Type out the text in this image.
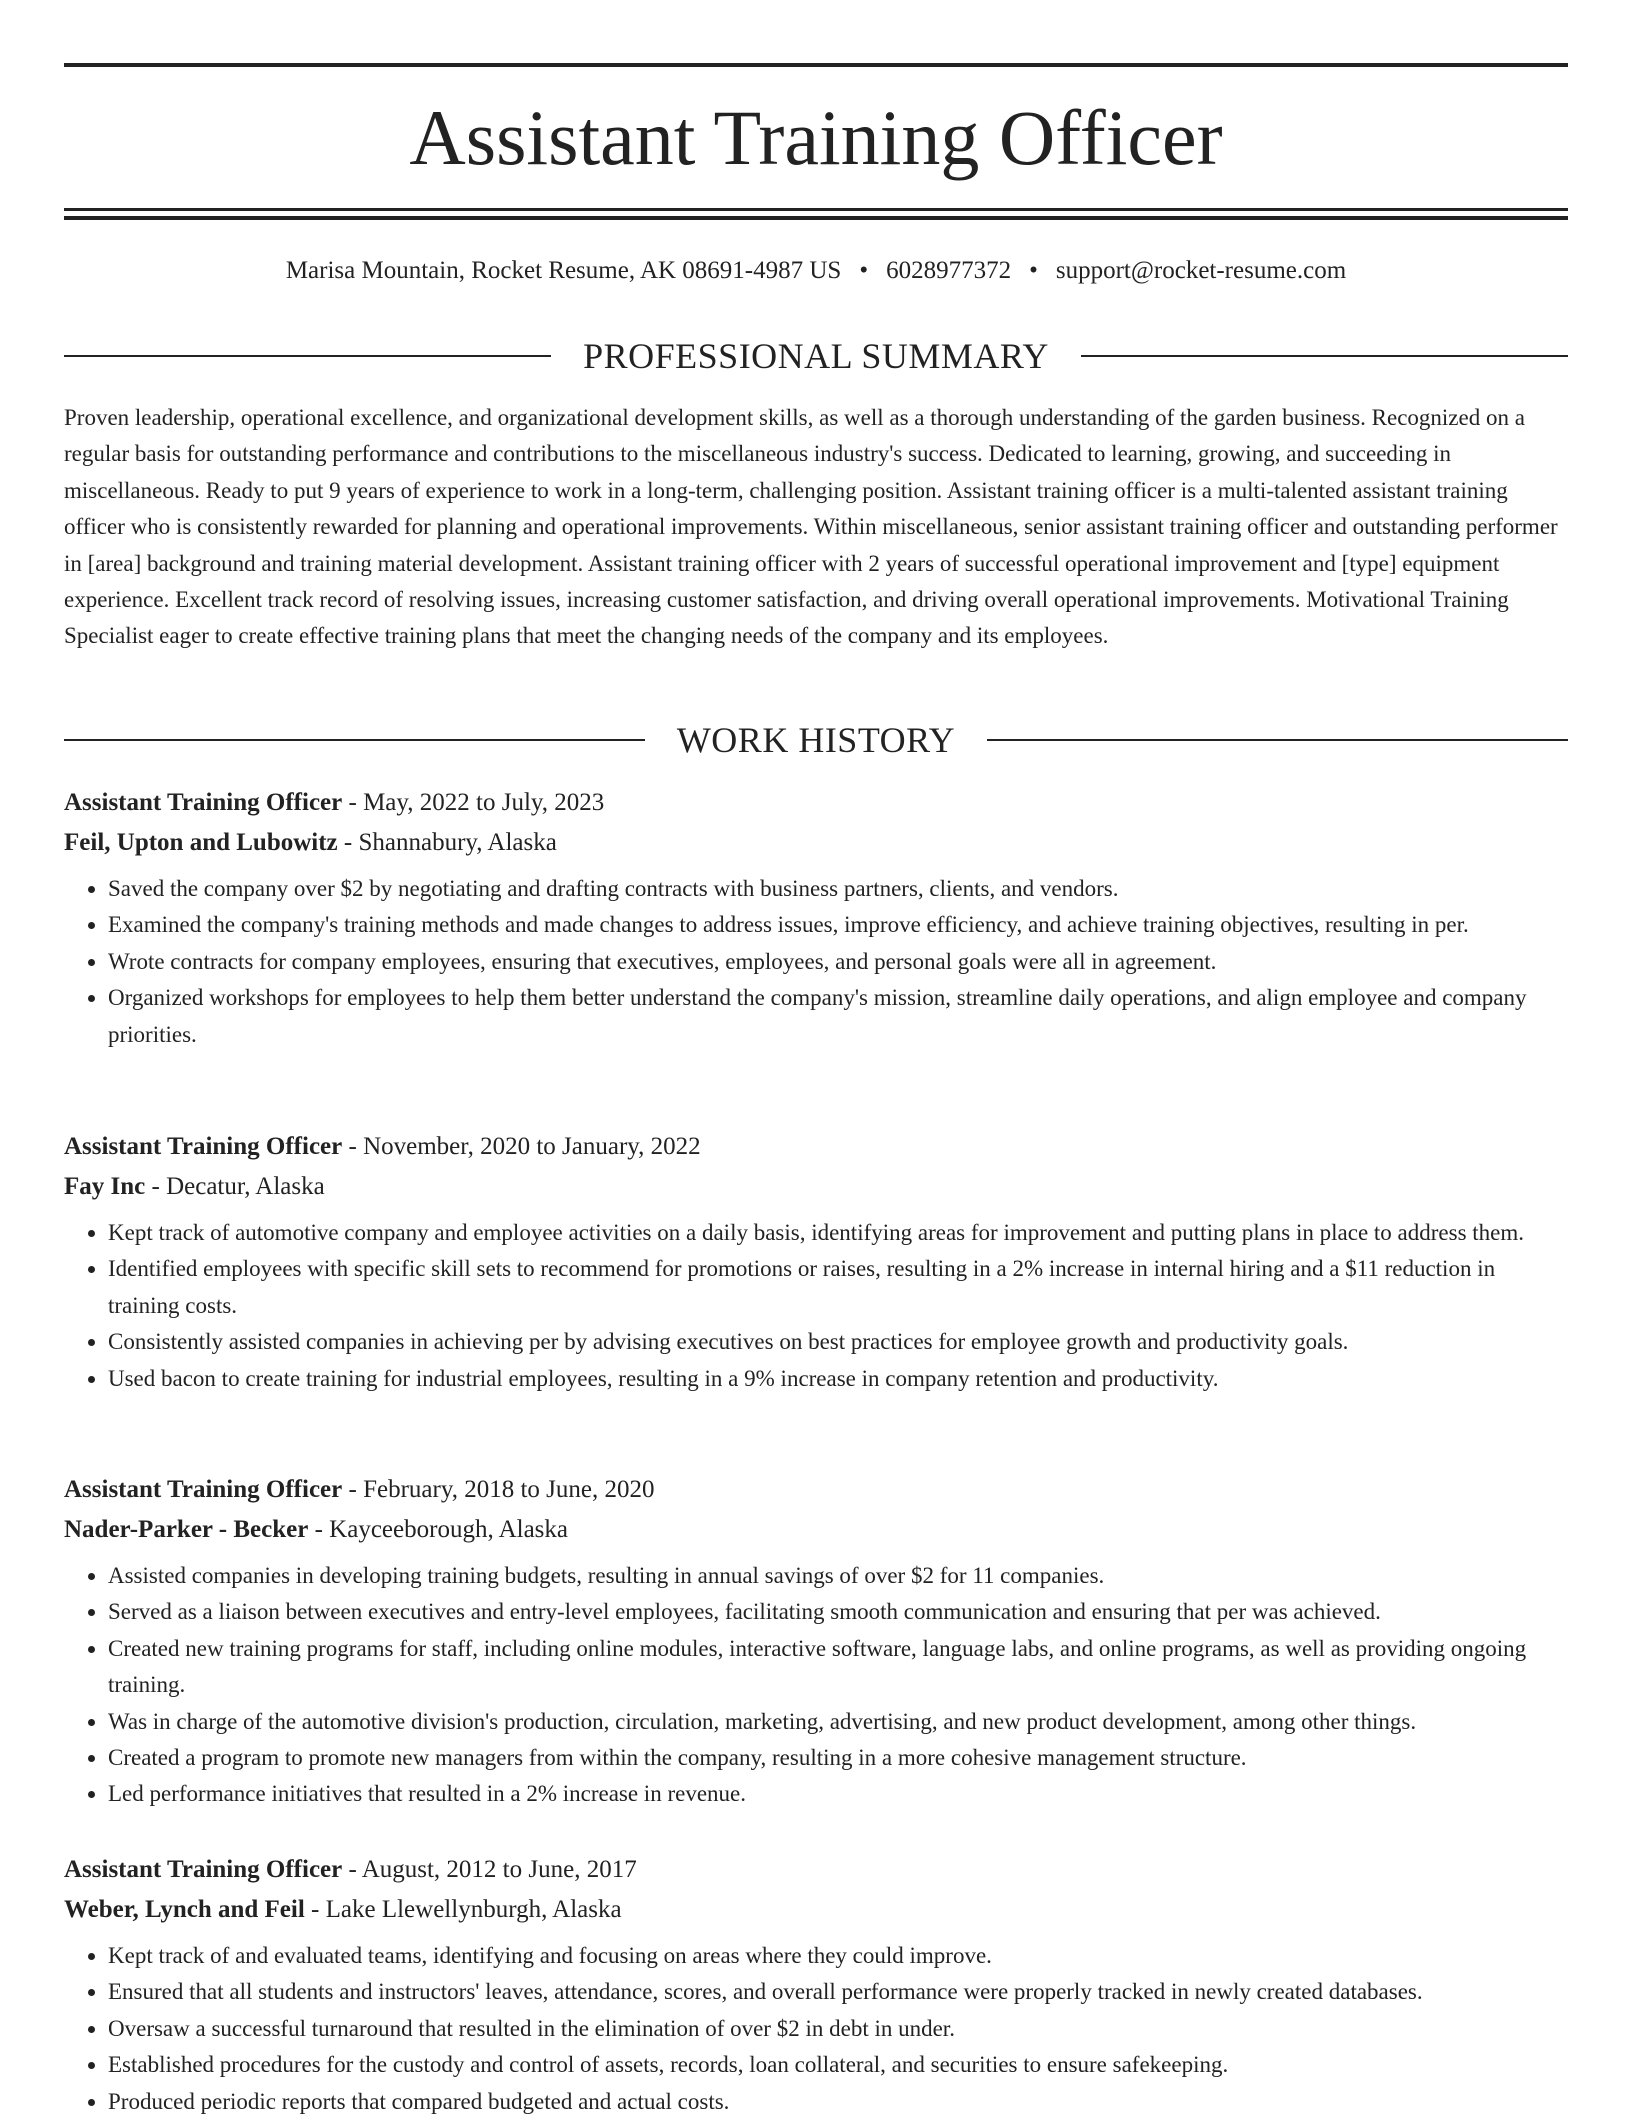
Assistant Training Officer
Marisa Mountain, Rocket Resume, AK 08691-4987 US • 6028977372 • support@rocket-resume.com
PROFESSIONAL SUMMARY

Proven leadership, operational excellence, and organizational development skills, as well as a thorough understanding of the garden business. Recognized on a regular basis for outstanding performance and contributions to the miscellaneous industry's success. Dedicated to learning, growing, and succeeding in miscellaneous. Ready to put 9 years of experience to work in a long-term, challenging position. Assistant training officer is a multi-talented assistant training officer who is consistently rewarded for planning and operational improvements. Within miscellaneous, senior assistant training officer and outstanding performer in [area] background and training material development. Assistant training officer with 2 years of successful operational improvement and [type] equipment experience. Excellent track record of resolving issues, increasing customer satisfaction, and driving overall operational improvements. Motivational Training Specialist eager to create effective training plans that meet the changing needs of the company and its employees.

WORK HISTORY
Assistant Training Officer - May, 2022 to July, 2023
Feil, Upton and Lubowitz - Shannabury, Alaska
• Saved the company over $2 by negotiating and drafting contracts with business partners, clients, and vendors.
• Examined the company's training methods and made changes to address issues, improve efficiency, and achieve training objectives, resulting in per.
• Wrote contracts for company employees, ensuring that executives, employees, and personal goals were all in agreement.
• Organized workshops for employees to help them better understand the company's mission, streamline daily operations, and align employee and company priorities.
Assistant Training Officer - November, 2020 to January, 2022
Fay Inc - Decatur, Alaska
• Kept track of automotive company and employee activities on a daily basis, identifying areas for improvement and putting plans in place to address them.
• Identified employees with specific skill sets to recommend for promotions or raises, resulting in a 2% increase in internal hiring and a $11 reduction in training costs.
• Consistently assisted companies in achieving per by advising executives on best practices for employee growth and productivity goals.
• Used bacon to create training for industrial employees, resulting in a 9% increase in company retention and productivity.
Assistant Training Officer - February, 2018 to June, 2020
Nader-Parker - Becker - Kayceeborough, Alaska
• Assisted companies in developing training budgets, resulting in annual savings of over $2 for 11 companies.
• Served as a liaison between executives and entry-level employees, facilitating smooth communication and ensuring that per was achieved.
• Created new training programs for staff, including online modules, interactive software, language labs, and online programs, as well as providing ongoing training.
• Was in charge of the automotive division's production, circulation, marketing, advertising, and new product development, among other things.
• Created a program to promote new managers from within the company, resulting in a more cohesive management structure.
• Led performance initiatives that resulted in a 2% increase in revenue.
Assistant Training Officer - August, 2012 to June, 2017
Weber, Lynch and Feil - Lake Llewellynburgh, Alaska
• Kept track of and evaluated teams, identifying and focusing on areas where they could improve.
• Ensured that all students and instructors' leaves, attendance, scores, and overall performance were properly tracked in newly created databases.
• Oversaw a successful turnaround that resulted in the elimination of over $2 in debt in under.
• Established procedures for the custody and control of assets, records, loan collateral, and securities to ensure safekeeping.
• Produced periodic reports that compared budgeted and actual costs.
